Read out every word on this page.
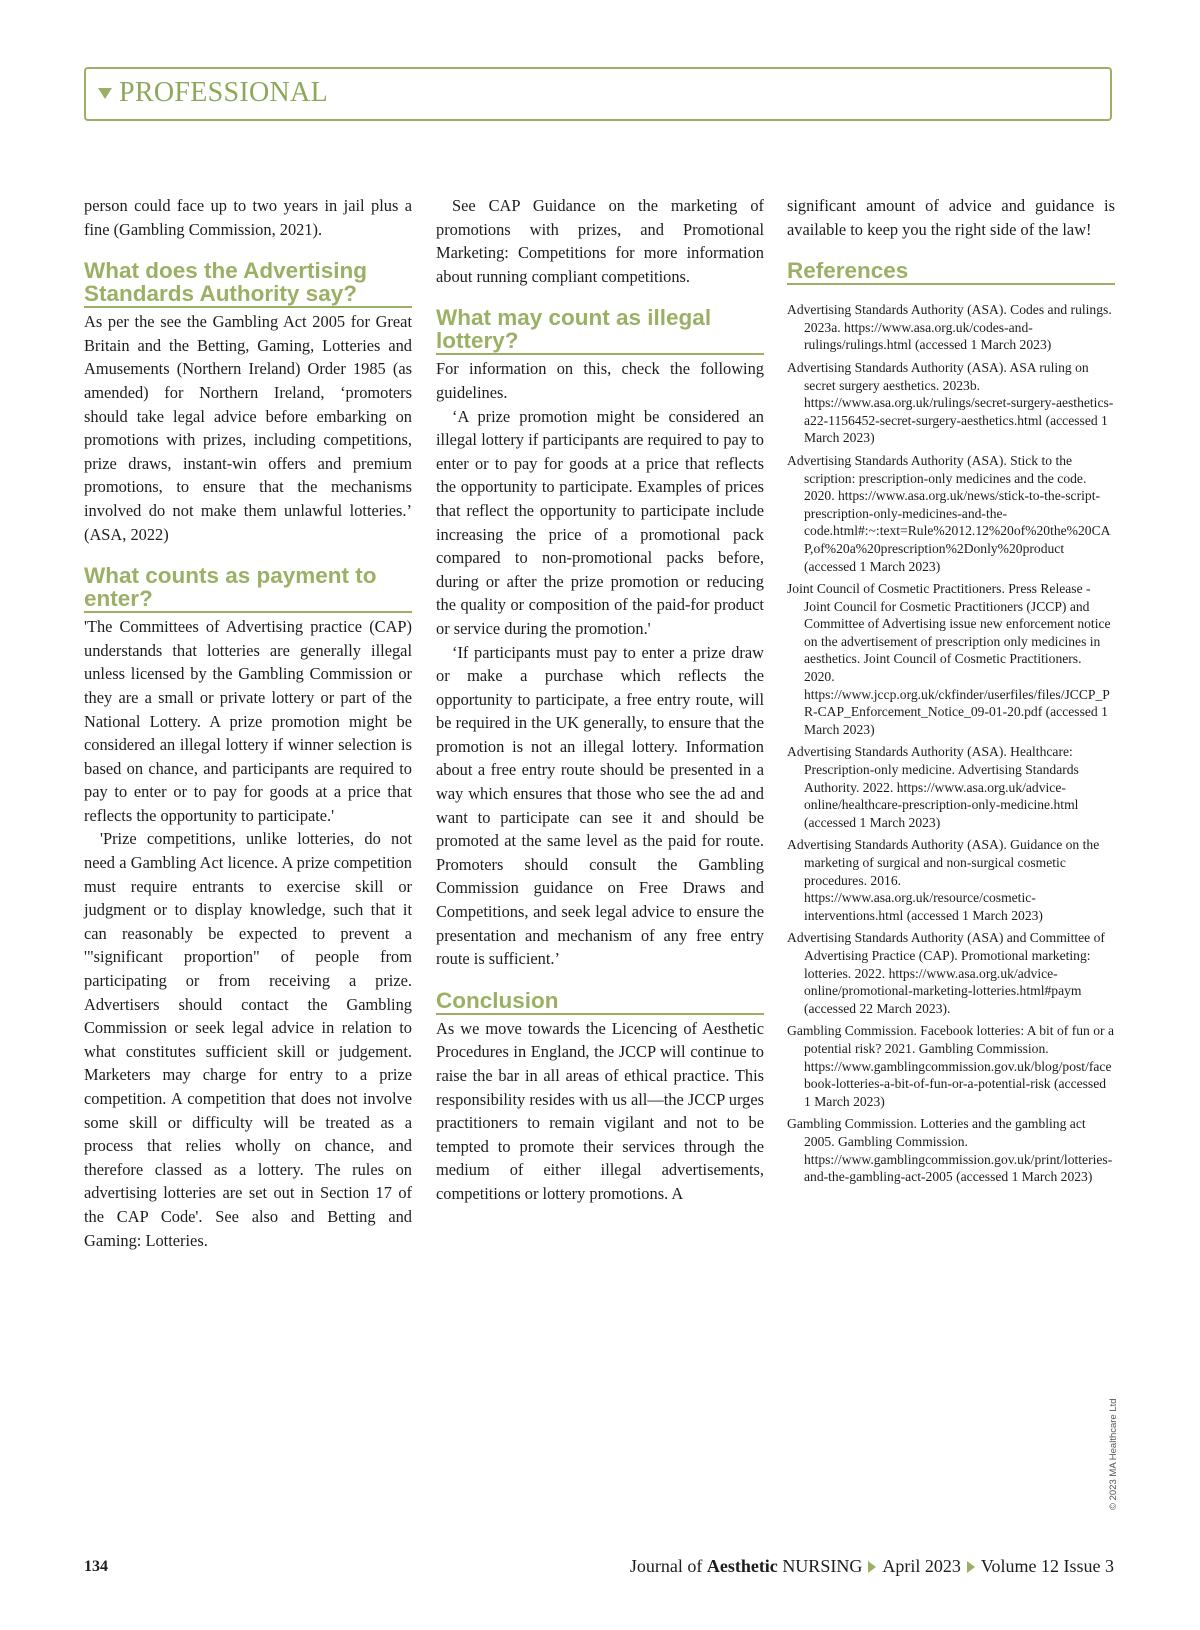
PROFESSIONAL

person could face up to two years in jail plus a fine (Gambling Commission, 2021).

What does the Advertising Standards Authority say?

As per the see the Gambling Act 2005 for Great Britain and the Betting, Gaming, Lotteries and Amusements (Northern Ireland) Order 1985 (as amended) for Northern Ireland, ‘promoters should take legal advice before embarking on promotions with prizes, including competitions, prize draws, instant-win offers and premium promotions, to ensure that the mechanisms involved do not make them unlawful lotteries.’ (ASA, 2022)

What counts as payment to enter?

'The Committees of Advertising practice (CAP) understands that lotteries are generally illegal unless licensed by the Gambling Commission or they are a small or private lottery or part of the National Lottery. A prize promotion might be considered an illegal lottery if winner selection is based on chance, and participants are required to pay to enter or to pay for goods at a price that reflects the opportunity to participate.'

'Prize competitions, unlike lotteries, do not need a Gambling Act licence. A prize competition must require entrants to exercise skill or judgment or to display knowledge, such that it can reasonably be expected to prevent a '"significant proportion" of people from participating or from receiving a prize. Advertisers should contact the Gambling Commission or seek legal advice in relation to what constitutes sufficient skill or judgement. Marketers may charge for entry to a prize competition. A competition that does not involve some skill or difficulty will be treated as a process that relies wholly on chance, and therefore classed as a lottery. The rules on advertising lotteries are set out in Section 17 of the CAP Code'. See also and Betting and Gaming: Lotteries.

See CAP Guidance on the marketing of promotions with prizes, and Promotional Marketing: Competitions for more information about running compliant competitions.

What may count as illegal lottery?

For information on this, check the following guidelines.

‘A prize promotion might be considered an illegal lottery if participants are required to pay to enter or to pay for goods at a price that reflects the opportunity to participate. Examples of prices that reflect the opportunity to participate include increasing the price of a promotional pack compared to non-promotional packs before, during or after the prize promotion or reducing the quality or composition of the paid-for product or service during the promotion.'

‘If participants must pay to enter a prize draw or make a purchase which reflects the opportunity to participate, a free entry route, will be required in the UK generally, to ensure that the promotion is not an illegal lottery. Information about a free entry route should be presented in a way which ensures that those who see the ad and want to participate can see it and should be promoted at the same level as the paid for route. Promoters should consult the Gambling Commission guidance on Free Draws and Competitions, and seek legal advice to ensure the presentation and mechanism of any free entry route is sufficient.’

Conclusion

As we move towards the Licencing of Aesthetic Procedures in England, the JCCP will continue to raise the bar in all areas of ethical practice. This responsibility resides with us all—the JCCP urges practitioners to remain vigilant and not to be tempted to promote their services through the medium of either illegal advertisements, competitions or lottery promotions. A

significant amount of advice and guidance is available to keep you the right side of the law!

References
Advertising Standards Authority (ASA). Codes and rulings. 2023a. https://www.asa.org.uk/codes-and-rulings/rulings.html (accessed 1 March 2023)
Advertising Standards Authority (ASA). ASA ruling on secret surgery aesthetics. 2023b. https://www.asa.org.uk/rulings/secret-surgery-aesthetics-a22-1156452-secret-surgery-aesthetics.html (accessed 1 March 2023)
Advertising Standards Authority (ASA). Stick to the scription: prescription-only medicines and the code. 2020. https://www.asa.org.uk/news/stick-to-the-script-prescription-only-medicines-and-the-code.html#:~:text=Rule%2012.12%20of%20the%20CAP,of%20a%20prescription%2Donly%20product (accessed 1 March 2023)
Joint Council of Cosmetic Practitioners. Press Release - Joint Council for Cosmetic Practitioners (JCCP) and Committee of Advertising issue new enforcement notice on the advertisement of prescription only medicines in aesthetics. Joint Council of Cosmetic Practitioners. 2020. https://www.jccp.org.uk/ckfinder/userfiles/files/JCCP_PR-CAP_Enforcement_Notice_09-01-20.pdf (accessed 1 March 2023)
Advertising Standards Authority (ASA). Healthcare: Prescription-only medicine. Advertising Standards Authority. 2022. https://www.asa.org.uk/advice-online/healthcare-prescription-only-medicine.html (accessed 1 March 2023)
Advertising Standards Authority (ASA). Guidance on the marketing of surgical and non-surgical cosmetic procedures. 2016. https://www.asa.org.uk/resource/cosmetic-interventions.html (accessed 1 March 2023)
Advertising Standards Authority (ASA) and Committee of Advertising Practice (CAP). Promotional marketing: lotteries. 2022. https://www.asa.org.uk/advice-online/promotional-marketing-lotteries.html#paym (accessed 22 March 2023).
Gambling Commission. Facebook lotteries: A bit of fun or a potential risk? 2021. Gambling Commission. https://www.gamblingcommission.gov.uk/blog/post/facebook-lotteries-a-bit-of-fun-or-a-potential-risk (accessed 1 March 2023)
Gambling Commission. Lotteries and the gambling act 2005. Gambling Commission. https://www.gamblingcommission.gov.uk/print/lotteries-and-the-gambling-act-2005 (accessed 1 March 2023)
© 2023 MA Healthcare Ltd
134	Journal of Aesthetic NURSING April 2023 Volume 12 Issue 3
